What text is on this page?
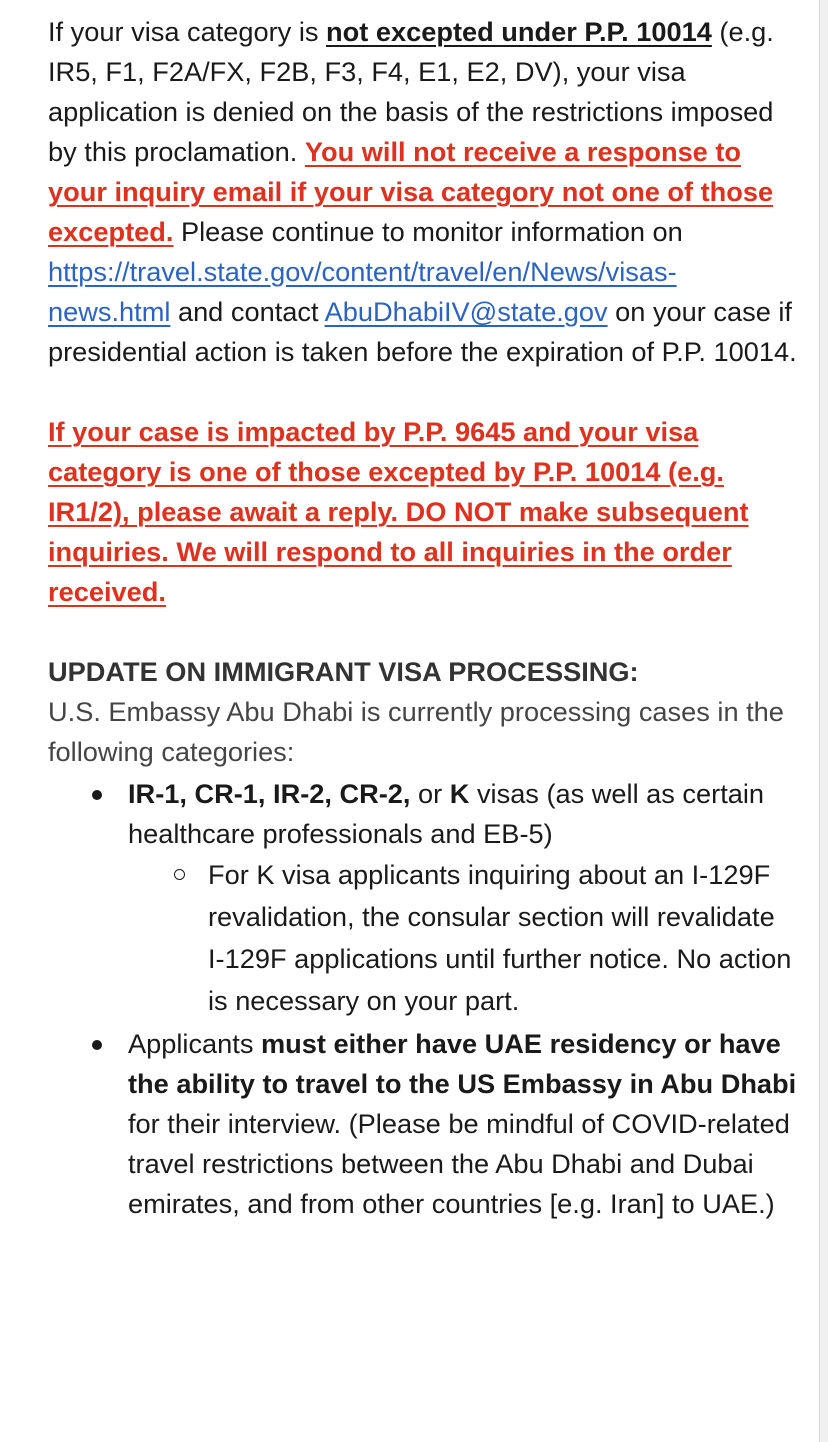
If your visa category is not excepted under P.P. 10014 (e.g. IR5, F1, F2A/FX, F2B, F3, F4, E1, E2, DV), your visa application is denied on the basis of the restrictions imposed by this proclamation. You will not receive a response to your inquiry email if your visa category not one of those excepted. Please continue to monitor information on https://travel.state.gov/content/travel/en/News/visas-news.html and contact AbuDhabiIV@state.gov on your case if presidential action is taken before the expiration of P.P. 10014.

If your case is impacted by P.P. 9645 and your visa category is one of those excepted by P.P. 10014 (e.g. IR1/2), please await a reply. DO NOT make subsequent inquiries. We will respond to all inquiries in the order received.

UPDATE ON IMMIGRANT VISA PROCESSING:

U.S. Embassy Abu Dhabi is currently processing cases in the following categories:

IR-1, CR-1, IR-2, CR-2, or K visas (as well as certain healthcare professionals and EB-5)
For K visa applicants inquiring about an I-129F revalidation, the consular section will revalidate I-129F applications until further notice. No action is necessary on your part.
Applicants must either have UAE residency or have the ability to travel to the US Embassy in Abu Dhabi for their interview. (Please be mindful of COVID-related travel restrictions between the Abu Dhabi and Dubai emirates, and from other countries [e.g. Iran] to UAE.)
